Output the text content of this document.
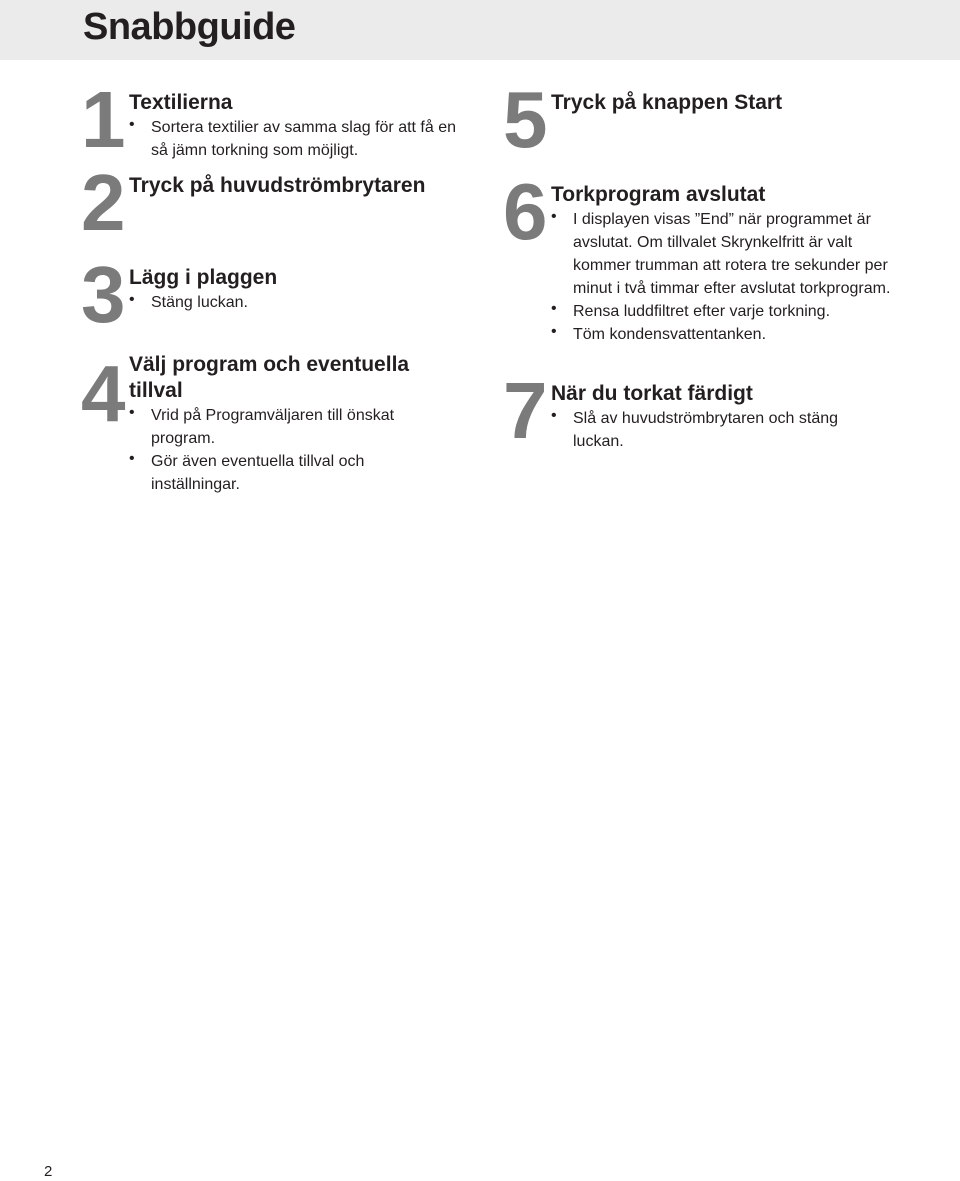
Snabbguide
1 Textilierna
• Sortera textilier av samma slag för att få en så jämn torkning som möjligt.
2 Tryck på huvudströmbrytaren
3 Lägg i plaggen
• Stäng luckan.
4 Välj program och eventuella tillval
• Vrid på Programväljaren till önskat program.
• Gör även eventuella tillval och inställningar.
5 Tryck på knappen Start
6 Torkprogram avslutat
• I displayen visas ”End” när programmet är avslutat. Om tillvalet Skrynkelfritt är valt kommer trumman att rotera tre sekunder per minut i två timmar efter avslutat torkprogram.
• Rensa luddfiltret efter varje torkning.
• Töm kondensvattentanken.
7 När du torkat färdigt
• Slå av huvudströmbrytaren och stäng luckan.
2
